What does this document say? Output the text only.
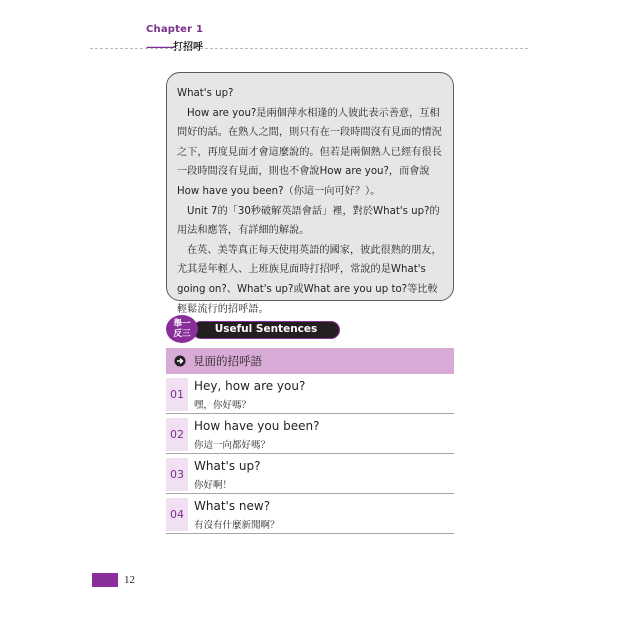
Chapter 1
———打招呼

What's up?

How are you?是兩個萍水相逢的人彼此表示善意，互相問好的話。在熟人之間，則只有在一段時間沒有見面的情況之下，再度見面才會這麼說的。但若是兩個熟人已經有很長一段時間沒有見面，則也不會說How are you?，而會說How have you been?（你這一向可好？）。

Unit 7的「30秒破解英語會話」裡，對於What's up?的用法和應答，有詳細的解說。

在英、美等真正每天使用英語的國家，彼此很熟的朋友，尤其是年輕人、上班族見面時打招呼，常說的是What's going on?、What's up?或What are you up to?等比較輕鬆流行的招呼語。

Useful Sentences
舉一
反三
見面的招呼語
01
Hey, how are you?
嘿，你好嗎？
02
How have you been?
你這一向都好嗎？
03
What's up?
你好啊！
04
What's new?
有沒有什麼新聞啊？
12
